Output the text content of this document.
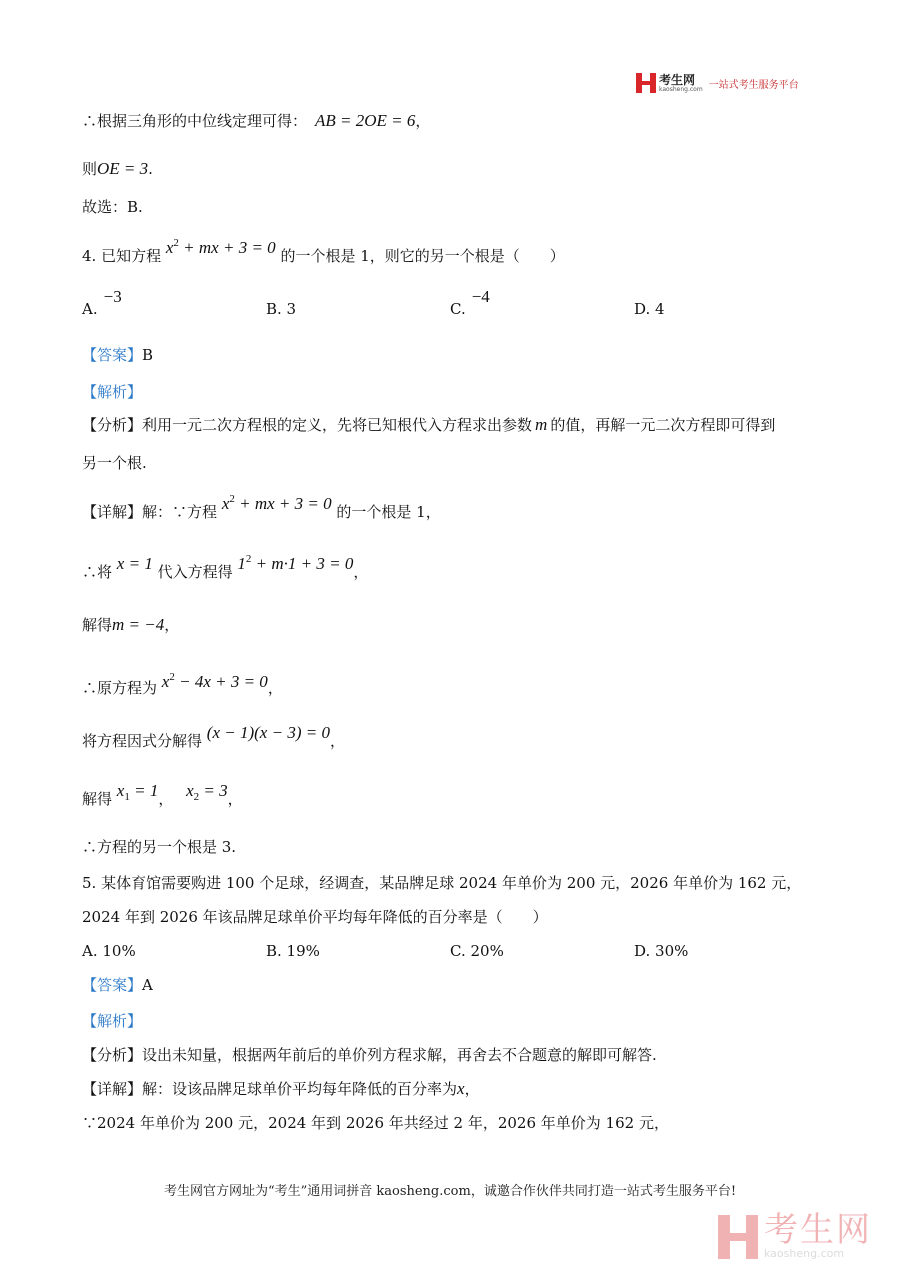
考生网
kaosheng.com 一站式考生服务平台
∴根据三角形的中位线定理可得： AB = 2OE = 6，
则OE = 3.
故选：B.
4. 已知方程 $x^2$ + mx + 3 = 0 的一个根是 1，则它的另一个根是（　　）
A.−3
B. 3	C.−4
D. 4
【答案】B
【解析】
【分析】利用一元二次方程根的定义，先将已知根代入方程求出参数 m 的值，再解一元二次方程即可得到
另一个根.
【详解】解：∵方程 $x^2$ + mx + 3 = 0 的一个根是 1，
∴将 x = 1 代入方程得 $1^2 + m\cdot 1 + 3 = 0$，
解得m = −4，
∴原方程为 $x^2 - 4x + 3 = 0$，
将方程因式分解得 (x − 1)(x − 3) = 0，
解得 $x_1 = 1$， $x_2 = 3$，
∴方程的另一个根是 3.
5. 某体育馆需要购进 100 个足球，经调查，某品牌足球 2024 年单价为 200 元，2026 年单价为 162 元，
2024 年到 2026 年该品牌足球单价平均每年降低的百分率是（　　）
A. 10%	B. 19%	C. 20%	D. 30%
【答案】A
【解析】
【分析】设出未知量，根据两年前后的单价列方程求解，再舍去不合题意的解即可解答.
【详解】解：设该品牌足球单价平均每年降低的百分率为x，
∵2024 年单价为 200 元，2024 年到 2026 年共经过 2 年，2026 年单价为 162 元，
考生网官方网址为“考生”通用词拼音 kaosheng.com，诚邀合作伙伴共同打造一站式考生服务平台!
考生网
kaosheng.com
